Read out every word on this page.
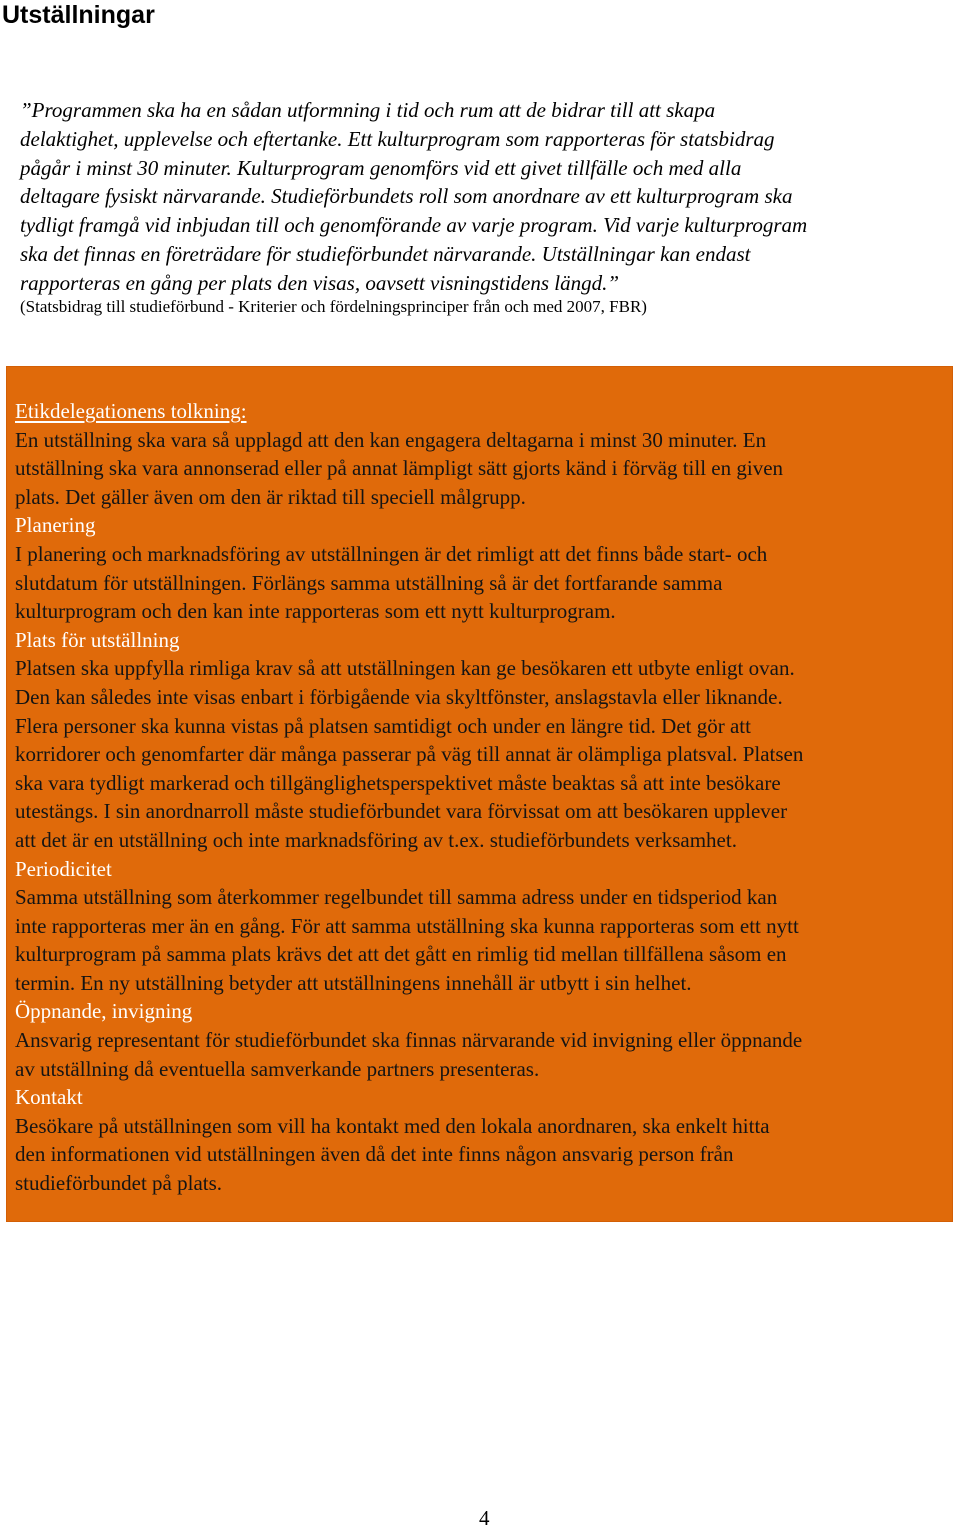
Utställningar
”Programmen ska ha en sådan utformning i tid och rum att de bidrar till att skapa
delaktighet, upplevelse och eftertanke. Ett kulturprogram som rapporteras för statsbidrag
pågår i minst 30 minuter. Kulturprogram genomförs vid ett givet tillfälle och med alla
deltagare fysiskt närvarande. Studieförbundets roll som anordnare av ett kulturprogram ska
tydligt framgå vid inbjudan till och genomförande av varje program. Vid varje kulturprogram
ska det finnas en företrädare för studieförbundet närvarande. Utställningar kan endast
rapporteras en gång per plats den visas, oavsett visningstidens längd.”

(Statsbidrag till studieförbund - Kriterier och fördelningsprinciper från och med 2007, FBR)

Etikdelegationens tolkning:
En utställning ska vara så upplagd att den kan engagera deltagarna i minst 30 minuter. En
utställning ska vara annonserad eller på annat lämpligt sätt gjorts känd i förväg till en given
plats. Det gäller även om den är riktad till speciell målgrupp.
Planering
I planering och marknadsföring av utställningen är det rimligt att det finns både start- och
slutdatum för utställningen. Förlängs samma utställning så är det fortfarande samma
kulturprogram och den kan inte rapporteras som ett nytt kulturprogram.
Plats för utställning
Platsen ska uppfylla rimliga krav så att utställningen kan ge besökaren ett utbyte enligt ovan.
Den kan således inte visas enbart i förbigående via skyltfönster, anslagstavla eller liknande.
Flera personer ska kunna vistas på platsen samtidigt och under en längre tid. Det gör att
korridorer och genomfarter där många passerar på väg till annat är olämpliga platsval. Platsen
ska vara tydligt markerad och tillgänglighetsperspektivet måste beaktas så att inte besökare
utestängs. I sin anordnarroll måste studieförbundet vara förvissat om att besökaren upplever
att det är en utställning och inte marknadsföring av t.ex. studieförbundets verksamhet.
Periodicitet
Samma utställning som återkommer regelbundet till samma adress under en tidsperiod kan
inte rapporteras mer än en gång. För att samma utställning ska kunna rapporteras som ett nytt
kulturprogram på samma plats krävs det att det gått en rimlig tid mellan tillfällena såsom en
termin. En ny utställning betyder att utställningens innehåll är utbytt i sin helhet.
Öppnande, invigning
Ansvarig representant för studieförbundet ska finnas närvarande vid invigning eller öppnande
av utställning då eventuella samverkande partners presenteras.
Kontakt
Besökare på utställningen som vill ha kontakt med den lokala anordnaren, ska enkelt hitta
den informationen vid utställningen även då det inte finns någon ansvarig person från
studieförbundet på plats.

4
